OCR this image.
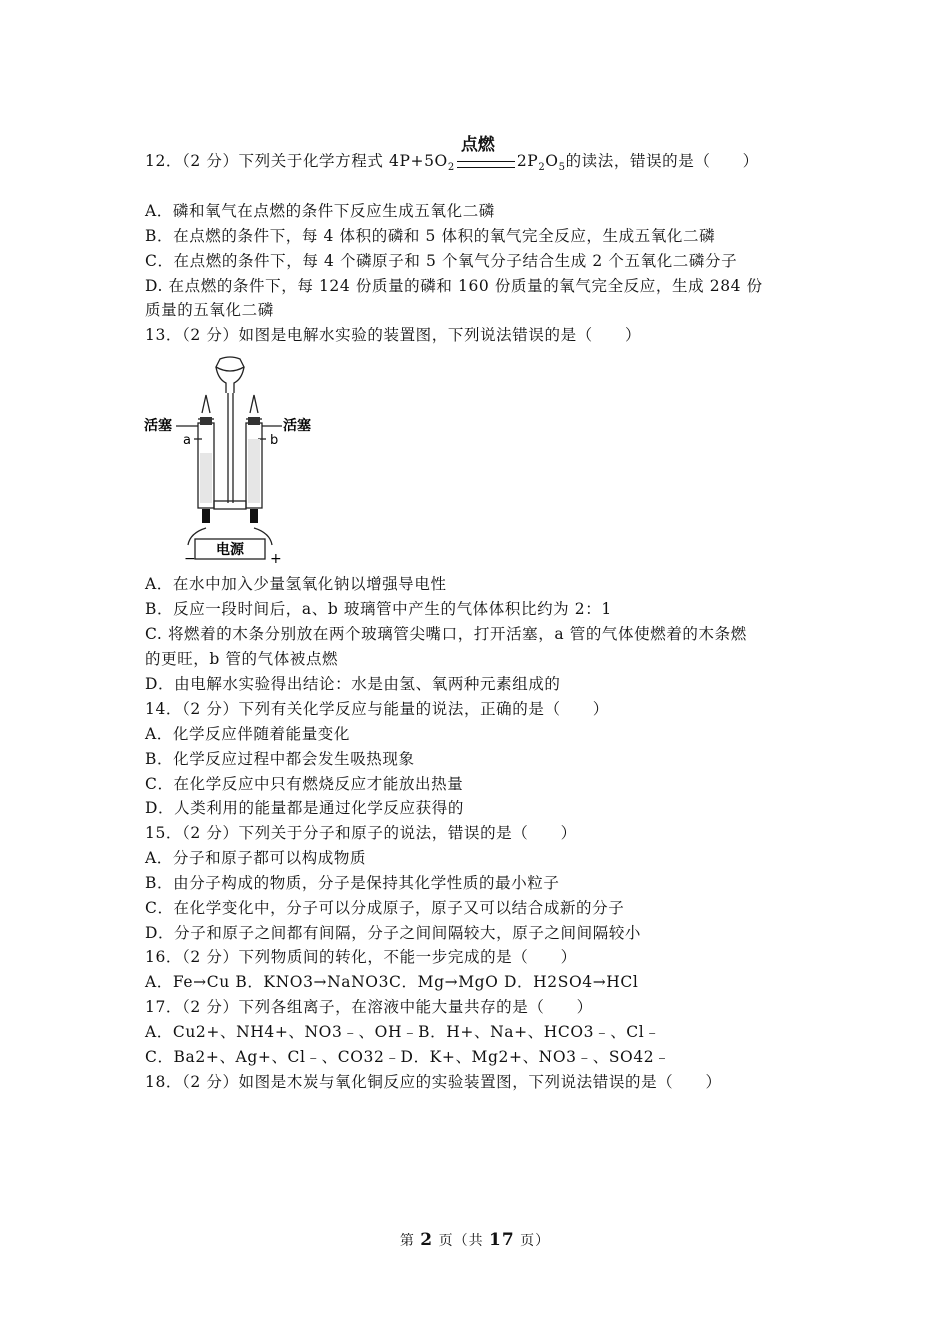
12．（2 分）下列关于化学方程式 $4P+5O_2$
点燃
$2P_2O_5$的读法，错误的是（　　）
A．磷和氧气在点燃的条件下反应生成五氧化二磷
B．在点燃的条件下，每 4 体积的磷和 5 体积的氧气完全反应，生成五氧化二磷
C．在点燃的条件下，每 4 个磷原子和 5 个氧气分子结合生成 2 个五氧化二磷分子
D. 在点燃的条件下，每 124 份质量的磷和 160 份质量的氧气完全反应，生成 284 份
质量的五氧化二磷
13．（2 分）如图是电解水实验的装置图，下列说法错误的是（　　）
活塞	活塞
a	b
电源
−	+
A．在水中加入少量氢氧化钠以增强导电性
B．反应一段时间后，a、b 玻璃管中产生的气体体积比约为 2：1
C. 将燃着的木条分别放在两个玻璃管尖嘴口，打开活塞，a 管的气体使燃着的木条燃
的更旺，b 管的气体被点燃
D．由电解水实验得出结论：水是由氢、氧两种元素组成的
14．（2 分）下列有关化学反应与能量的说法，正确的是（　　）
A．化学反应伴随着能量变化
B．化学反应过程中都会发生吸热现象
C．在化学反应中只有燃烧反应才能放出热量
D．人类利用的能量都是通过化学反应获得的
15．（2 分）下列关于分子和原子的说法，错误的是（　　）
A．分子和原子都可以构成物质
B．由分子构成的物质，分子是保持其化学性质的最小粒子
C．在化学变化中，分子可以分成原子，原子又可以结合成新的分子
D．分子和原子之间都有间隔，分子之间间隔较大，原子之间间隔较小
16．（2 分）下列物质间的转化，不能一步完成的是（　　）
A．Fe→Cu B．KNO3→NaNO3C．Mg→MgO D．H2SO4→HCl
17．（2 分）下列各组离子，在溶液中能大量共存的是（　　）
A．Cu2+、NH4+、NO3﹣、OH﹣B．H+、Na+、HCO3﹣、Cl﹣
C．Ba2+、Ag+、Cl﹣、CO32﹣D．K+、Mg2+、NO3﹣、SO42﹣
18．（2 分）如图是木炭与氧化铜反应的实验装置图，下列说法错误的是（　　）
第 2 页（共 17 页）
